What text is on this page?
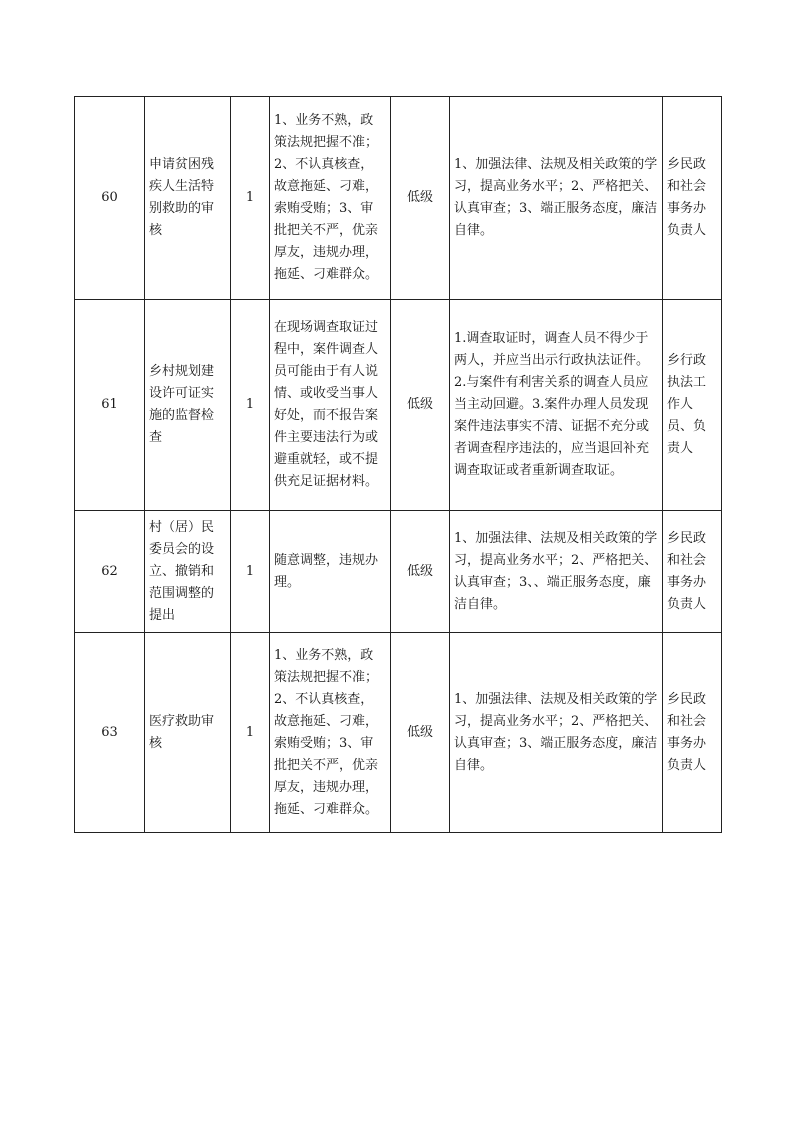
60	申请贫困残疾人生活特别救助的审核	1	1、业务不熟，政策法规把握不准；2、不认真核查，故意拖延、刁难，索贿受贿；3、审批把关不严，优亲厚友，违规办理，拖延、刁难群众。	低级	1、加强法律、法规及相关政策的学习，提高业务水平；2、严格把关、认真审查；3、端正服务态度，廉洁自律。	乡民政和社会事务办负责人
61	乡村规划建设许可证实施的监督检查	1	在现场调查取证过程中，案件调查人员可能由于有人说情、或收受当事人好处，而不报告案件主要违法行为或避重就轻，或不提供充足证据材料。	低级	1.调查取证时，调查人员不得少于两人，并应当出示行政执法证件。2.与案件有利害关系的调查人员应当主动回避。3.案件办理人员发现案件违法事实不清、证据不充分或者调查程序违法的，应当退回补充调查取证或者重新调查取证。	乡行政执法工作人员、负责人
62	村（居）民委员会的设立、撤销和范围调整的提出	1	随意调整，违规办理。	低级	1、加强法律、法规及相关政策的学习，提高业务水平；2、严格把关、认真审查；3、、端正服务态度，廉洁自律。	乡民政和社会事务办负责人
63	医疗救助审核	1	1、业务不熟，政策法规把握不准；2、不认真核查，故意拖延、刁难，索贿受贿；3、审批把关不严，优亲厚友，违规办理，拖延、刁难群众。	低级	1、加强法律、法规及相关政策的学习，提高业务水平；2、严格把关、认真审查；3、端正服务态度，廉洁自律。	乡民政和社会事务办负责人
